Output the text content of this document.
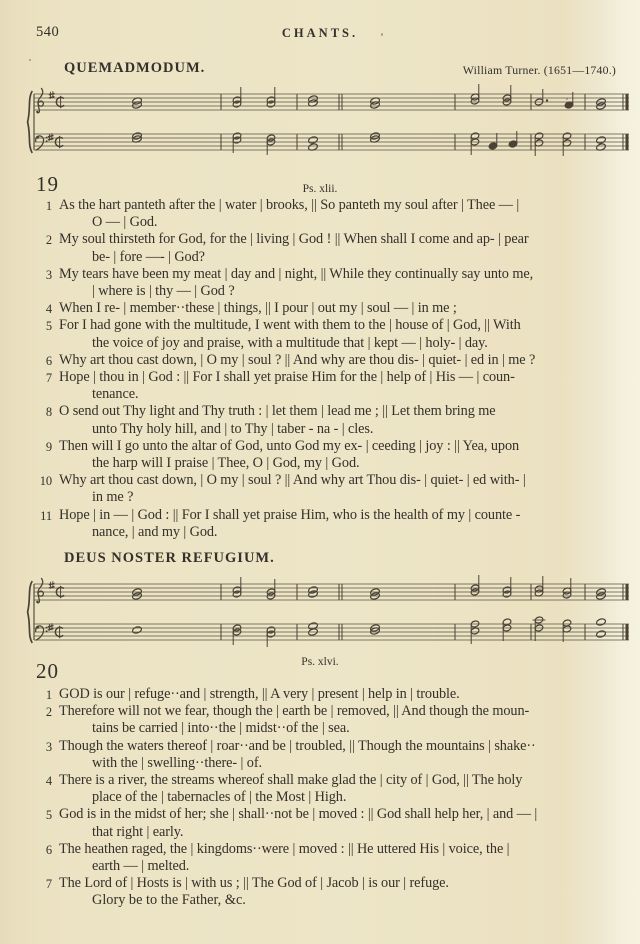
540	CHANTS.
QUEMADMODUM.	William Turner. (1651—1740.)
19	Ps. xlii.
1 As the hart panteth after the | water | brooks, || So panteth my soul after | Thee — |
O — | God.
2 My soul thirsteth for God, for the | living | God ! || When shall I come and ap- | pear
be- | fore —- | God?
3 My tears have been my meat | day and | night, || While they continually say unto me,
| where is | thy — | God ?
4 When I re- | member··these | things, || I pour | out my | soul — | in me ;
5 For I had gone with the multitude, I went with them to the | house of | God, || With
the voice of joy and praise, with a multitude that | kept — | holy- | day.
6 Why art thou cast down, | O my | soul ? || And why are thou dis- | quiet- | ed in | me ?
7 Hope | thou in | God : || For I shall yet praise Him for the | help of | His — | coun-
tenance.
8 O send out Thy light and Thy truth : | let them | lead me ; || Let them bring me
unto Thy holy hill, and | to Thy | taber - na - | cles.
9 Then will I go unto the altar of God, unto God my ex- | ceeding | joy : || Yea, upon
the harp will I praise | Thee, O | God, my | God.
10 Why art thou cast down, | O my | soul ? || And why art Thou dis- | quiet- | ed with- |
in me ?
11 Hope | in — | God : || For I shall yet praise Him, who is the health of my | counte -
nance, | and my | God.
DEUS NOSTER REFUGIUM.
20	Ps. xlvi.
1 GOD is our | refuge··and | strength, || A very | present | help in | trouble.
2 Therefore will not we fear, though the | earth be | removed, || And though the moun-
tains be carried | into··the | midst··of the | sea.
3 Though the waters thereof | roar··and be | troubled, || Though the mountains | shake··
with the | swelling··there- | of.
4 There is a river, the streams whereof shall make glad the | city of | God, || The holy
place of the | tabernacles of | the Most | High.
5 God is in the midst of her; she | shall··not be | moved : || God shall help her, | and — |
that right | early.
6 The heathen raged, the | kingdoms··were | moved : || He uttered His | voice, the |
earth — | melted.
7 The Lord of | Hosts is | with us ; || The God of | Jacob | is our | refuge.
Glory be to the Father, &c.
